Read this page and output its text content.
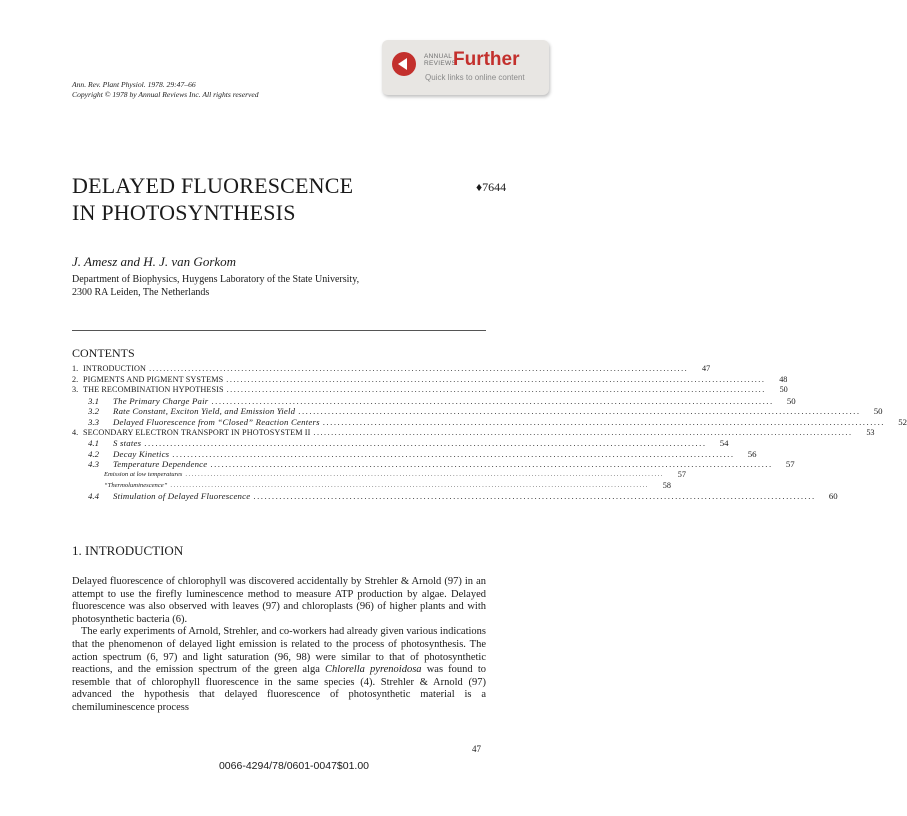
Ann. Rev. Plant Physiol. 1978. 29:47–66
Copyright © 1978 by Annual Reviews Inc. All rights reserved
ANNUAL
REVIEWS
Further
Quick links to online content
DELAYED FLUORESCENCE
IN PHOTOSYNTHESIS
♦7644
J. Amesz and H. J. van Gorkom
Department of Biophysics, Huygens Laboratory of the State University,
2300 RA Leiden, The Netherlands
CONTENTS
1. INTRODUCTION ........................................................................................................................................................	47
2. PIGMENTS AND PIGMENT SYSTEMS ........................................................................................................................................................	48
3. THE RECOMBINATION HYPOTHESIS ........................................................................................................................................................	50
3.1	The Primary Charge Pair ........................................................................................................................................................	50
3.2	Rate Constant, Exciton Yield, and Emission Yield ........................................................................................................................................................	50
3.3	Delayed Fluorescence from “Closed” Reaction Centers ........................................................................................................................................................	52
4. SECONDARY ELECTRON TRANSPORT IN PHOTOSYSTEM II ........................................................................................................................................................	53
4.1	S states ........................................................................................................................................................	54
4.2	Decay Kinetics ........................................................................................................................................................	56
4.3	Temperature Dependence ........................................................................................................................................................	57
Emission at low temperatures ........................................................................................................................................................	57
“Thermoluminescence” ........................................................................................................................................................	58
4.4	Stimulation of Delayed Fluorescence ........................................................................................................................................................	60
1. INTRODUCTION

Delayed fluorescence of chlorophyll was discovered accidentally by Strehler & Arnold (97) in an attempt to use the firefly luminescence method to measure ATP production by algae. Delayed fluorescence was also observed with leaves (97) and chloroplasts (96) of higher plants and with photosynthetic bacteria (6).

The early experiments of Arnold, Strehler, and co-workers had already given various indications that the phenomenon of delayed light emission is related to the process of photosynthesis. The action spectrum (6, 97) and light saturation (96, 98) were similar to that of photosynthetic reactions, and the emission spectrum of the green alga Chlorella pyrenoidosa was found to resemble that of chlorophyll fluorescence in the same species (4). Strehler & Arnold (97) advanced the hypothesis that delayed fluorescence of photosynthetic material is a chemiluminescence process

47
0066-4294/78/0601-0047$01.00
